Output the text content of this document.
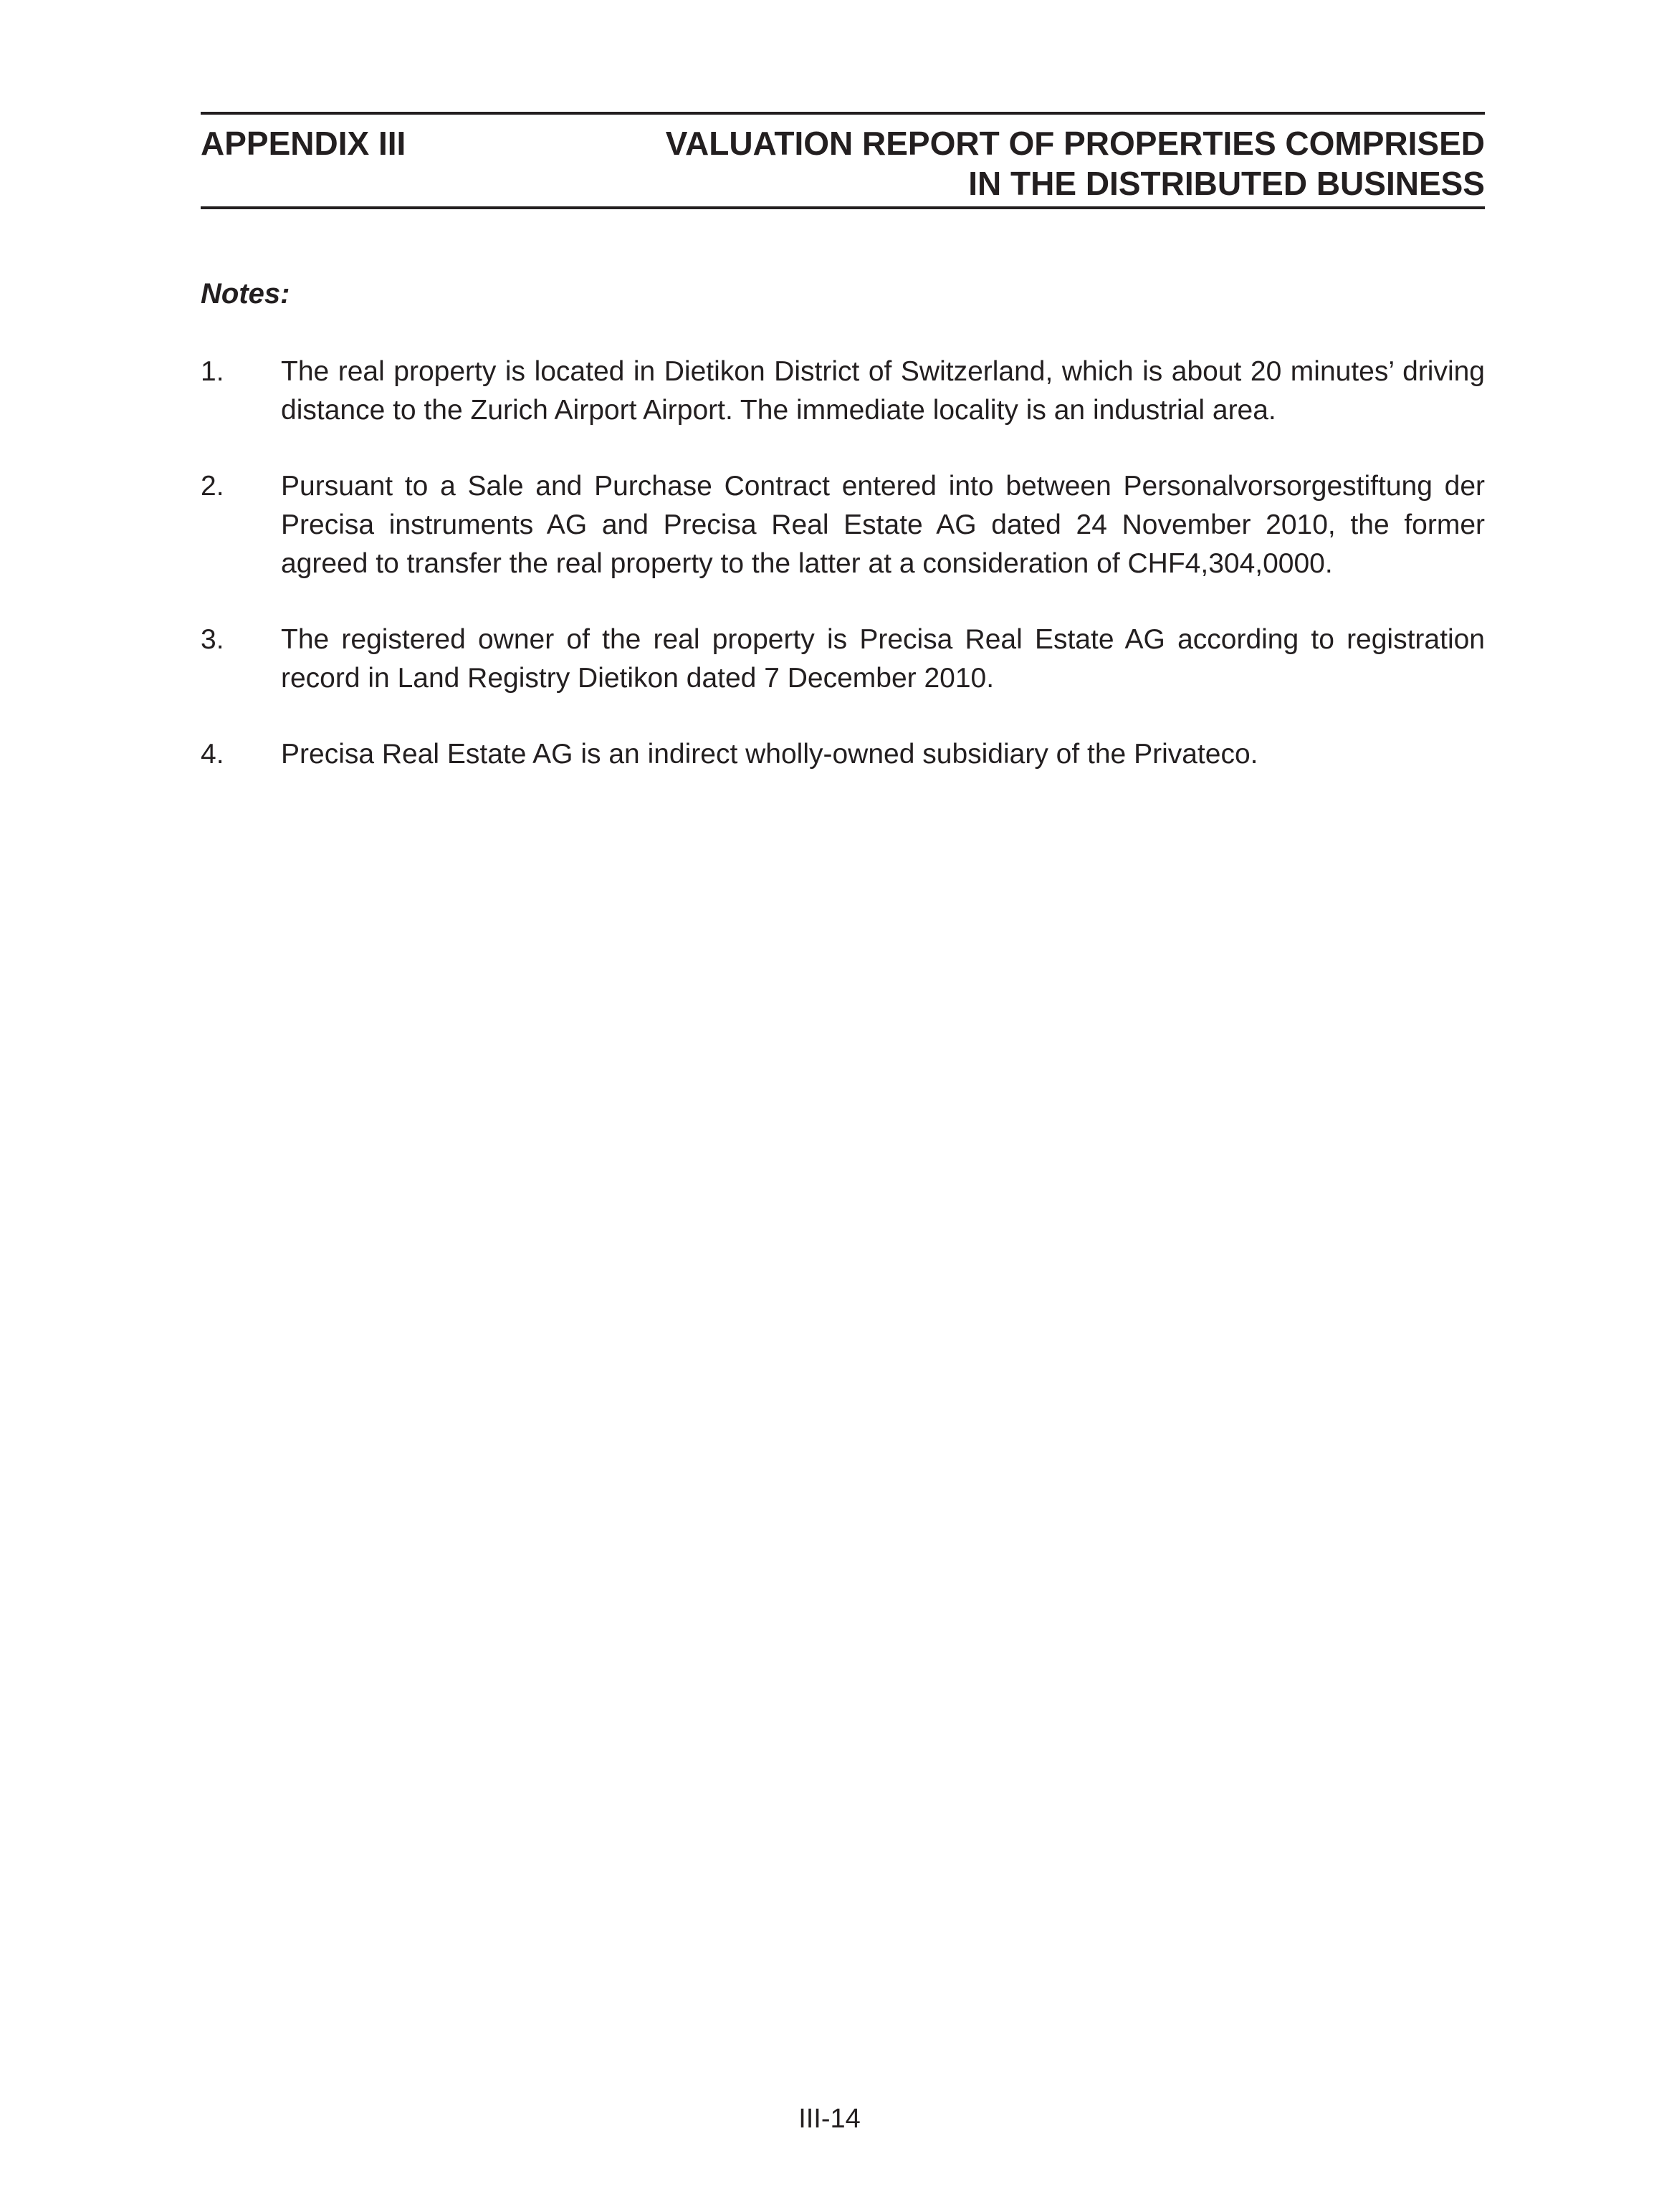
APPENDIX III	VALUATION REPORT OF PROPERTIES COMPRISED
IN THE DISTRIBUTED BUSINESS
Notes:
1. The real property is located in Dietikon District of Switzerland, which is about 20 minutes’ driving distance to the Zurich Airport Airport. The immediate locality is an industrial area.
2. Pursuant to a Sale and Purchase Contract entered into between Personalvorsorgestiftung der Precisa instruments AG and Precisa Real Estate AG dated 24 November 2010, the former agreed to transfer the real property to the latter at a consideration of CHF4,304,0000.
3. The registered owner of the real property is Precisa Real Estate AG according to registration record in Land Registry Dietikon dated 7 December 2010.
4. Precisa Real Estate AG is an indirect wholly-owned subsidiary of the Privateco.
III-14
